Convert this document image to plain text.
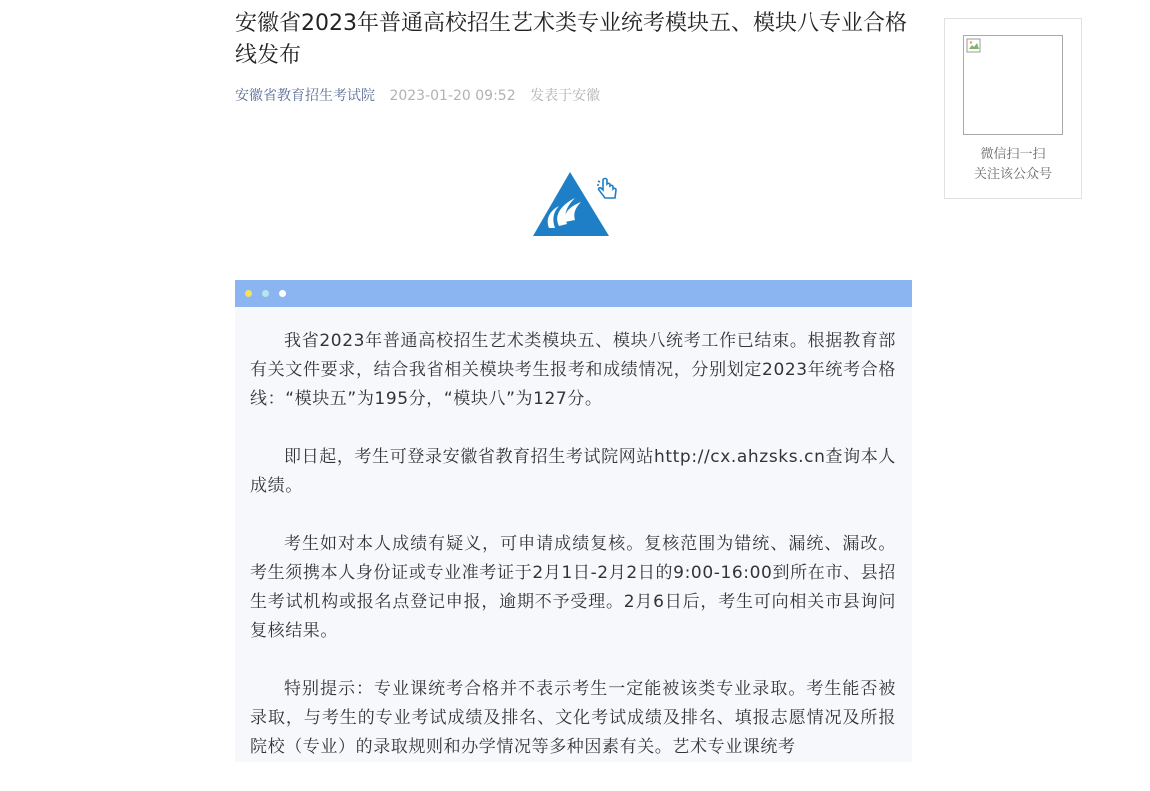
安徽省2023年普通高校招生艺术类专业统考模块五、模块八专业合格线发布
安徽省教育招生考试院 2023-01-20 09:52 发表于安徽

我省2023年普通高校招生艺术类模块五、模块八统考工作已结束。根据教育部有关文件要求，结合我省相关模块考生报考和成绩情况，分别划定2023年统考合格线：“模块五”为195分，“模块八”为127分。

即日起，考生可登录安徽省教育招生考试院网站http://cx.ahzsks.cn查询本人成绩。

考生如对本人成绩有疑义，可申请成绩复核。复核范围为错统、漏统、漏改。考生须携本人身份证或专业准考证于2月1日-2月2日的9:00-16:00到所在市、县招生考试机构或报名点登记申报，逾期不予受理。2月6日后，考生可向相关市县询问复核结果。

特别提示：专业课统考合格并不表示考生一定能被该类专业录取。考生能否被录取，与考生的专业考试成绩及排名、文化考试成绩及排名、填报志愿情况及所报院校（专业）的录取规则和办学情况等多种因素有关。艺术专业课统考

微信扫一扫
关注该公众号
